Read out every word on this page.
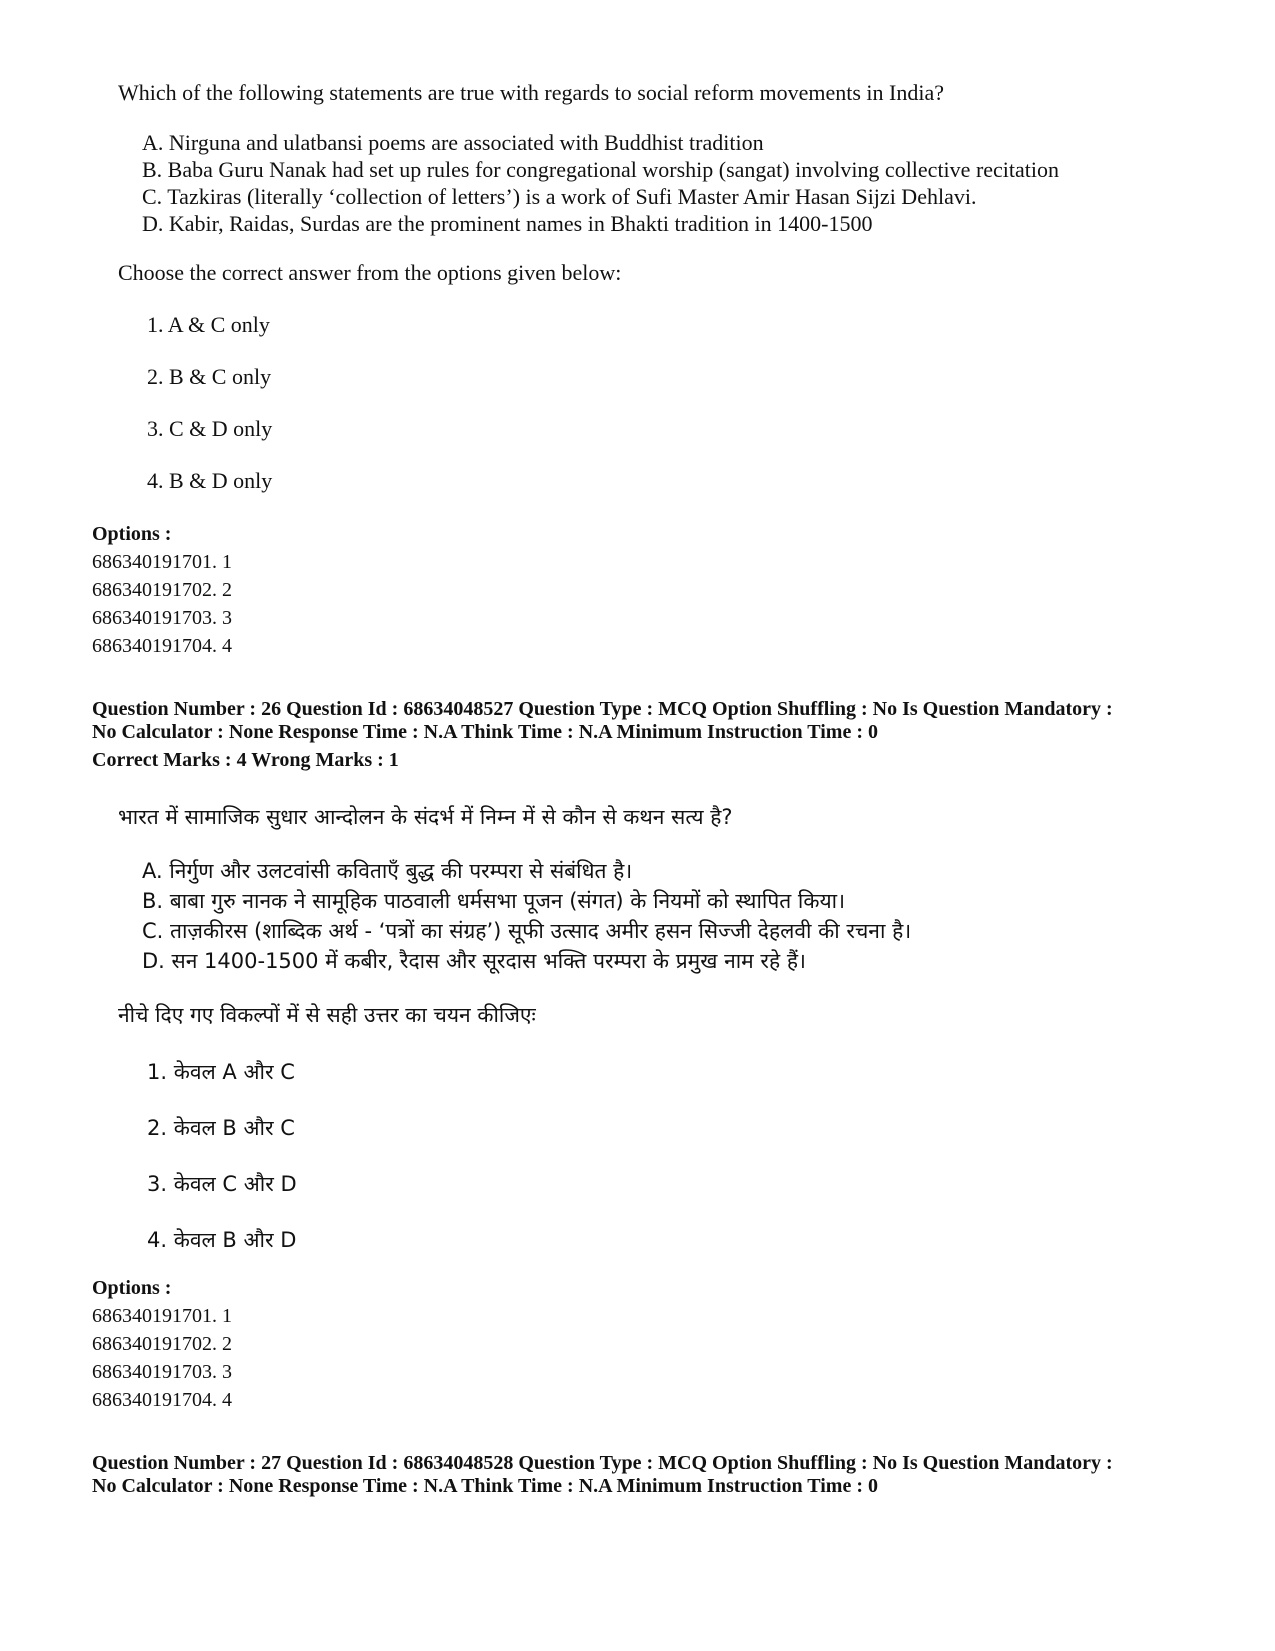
Which of the following statements are true with regards to social reform movements in India?
A. Nirguna and ulatbansi poems are associated with Buddhist tradition
B. Baba Guru Nanak had set up rules for congregational worship (sangat) involving collective recitation
C. Tazkiras (literally ‘collection of letters’) is a work of Sufi Master Amir Hasan Sijzi Dehlavi.
D. Kabir, Raidas, Surdas are the prominent names in Bhakti tradition in 1400-1500
Choose the correct answer from the options given below:
1. A & C only
2. B & C only
3. C & D only
4. B & D only
Options :
686340191701. 1
686340191702. 2
686340191703. 3
686340191704. 4
Question Number : 26 Question Id : 68634048527 Question Type : MCQ Option Shuffling : No Is Question Mandatory :
No Calculator : None Response Time : N.A Think Time : N.A Minimum Instruction Time : 0
Correct Marks : 4 Wrong Marks : 1
भारत में सामाजिक सुधार आन्दोलन के संदर्भ में निम्न में से कौन से कथन सत्य है?
A. निर्गुण और उलटवांसी कविताएँ बुद्ध की परम्परा से संबंधित है।
B. बाबा गुरु नानक ने सामूहिक पाठवाली धर्मसभा पूजन (संगत) के नियमों को स्थापित किया।
C. ताज़कीरस (शाब्दिक अर्थ - ‘पत्रों का संग्रह’) सूफी उत्साद अमीर हसन सिज्जी देहलवी की रचना है।
D. सन 1400-1500 में कबीर, रैदास और सूरदास भक्ति परम्परा के प्रमुख नाम रहे हैं।
नीचे दिए गए विकल्पों में से सही उत्तर का चयन कीजिएः
1. केवल A और C
2. केवल B और C
3. केवल C और D
4. केवल B और D
Options :
686340191701. 1
686340191702. 2
686340191703. 3
686340191704. 4
Question Number : 27 Question Id : 68634048528 Question Type : MCQ Option Shuffling : No Is Question Mandatory :
No Calculator : None Response Time : N.A Think Time : N.A Minimum Instruction Time : 0
